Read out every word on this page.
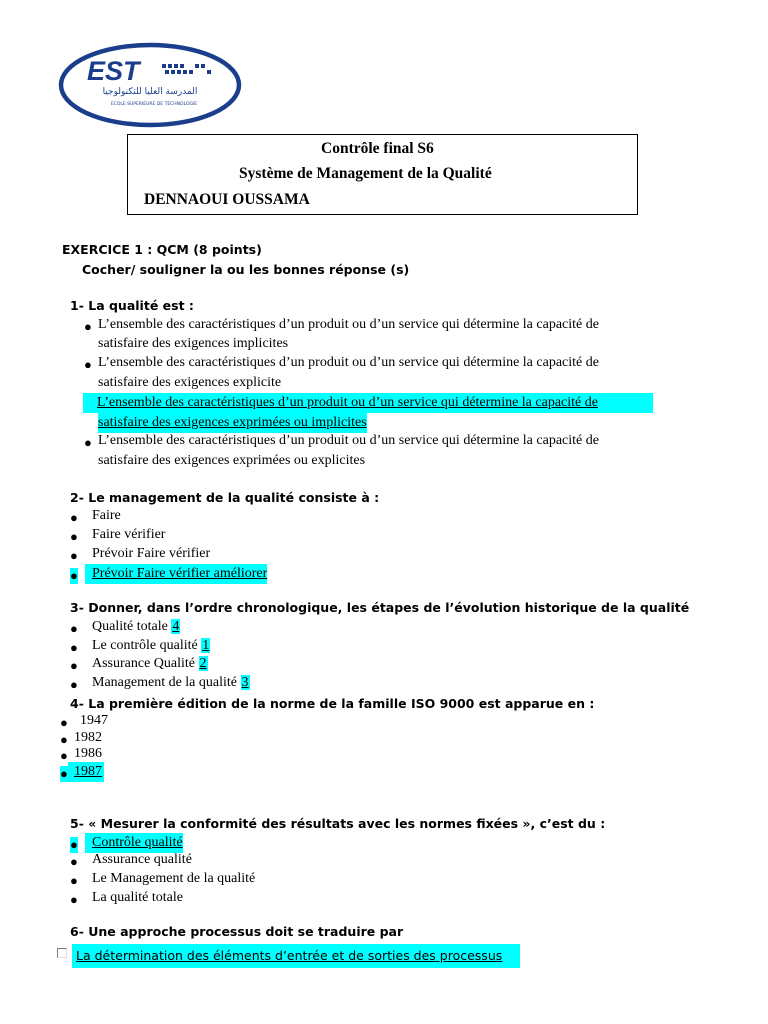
EST
المدرسة العليا للتكنولوجيا
ECOLE SUPERIEURE DE TECHNOLOGIE
Contrôle final S6
Système de Management de la Qualité
DENNAOUI OUSSAMA
EXERCICE 1 : QCM (8 points)
Cocher/ souligner la ou les bonnes réponse (s)
1- La qualité est :
● L’ensemble des caractéristiques d’un produit ou d’un service qui détermine la capacité de
satisfaire des exigences implicites
● L’ensemble des caractéristiques d’un produit ou d’un service qui détermine la capacité de
satisfaire des exigences explicite
L’ensemble des caractéristiques d’un produit ou d’un service qui détermine la capacité de
satisfaire des exigences exprimées ou implicites
● L’ensemble des caractéristiques d’un produit ou d’un service qui détermine la capacité de
satisfaire des exigences exprimées ou explicites
2- Le management de la qualité consiste à :
● Faire
● Faire vérifier
● Prévoir Faire vérifier
●	Prévoir Faire vérifier améliorer
3- Donner, dans l’ordre chronologique, les étapes de l’évolution historique de la qualité
● Qualité totale 4
● Le contrôle qualité 1
● Assurance Qualité 2
● Management de la qualité 3
4- La première édition de la norme de la famille ISO 9000 est apparue en :
● 1947
● 1982
● 1986
● 1987
5- « Mesurer la conformité des résultats avec les normes fixées », c’est du :
●	Contrôle qualité
● Assurance qualité
● Le Management de la qualité
● La qualité totale
6- Une approche processus doit se traduire par
La détermination des éléments d’entrée et de sorties des processus
